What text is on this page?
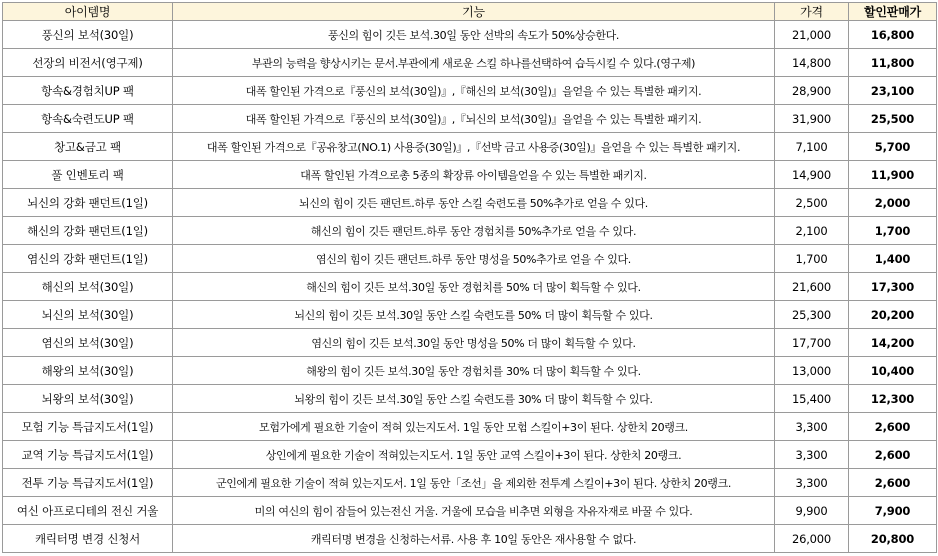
아이템명	기능	가격	할인판매가
풍신의 보석(30일)	풍신의 힘이 깃든 보석.30일 동안 선박의 속도가 50%상승한다.	21,000	16,800
선장의 비전서(영구제)	부관의 능력을 향상시키는 문서.부관에게 새로운 스킬 하나를선택하여 습득시킬 수 있다.(영구제)	14,800	11,800
항속&경험치UP 팩	대폭 할인된 가격으로『풍신의 보석(30일)』,『해신의 보석(30일)』을얻을 수 있는 특별한 패키지.	28,900	23,100
항속&숙련도UP 팩	대폭 할인된 가격으로『풍신의 보석(30일)』,『뇌신의 보석(30일)』을얻을 수 있는 특별한 패키지.	31,900	25,500
창고&금고 팩	대폭 할인된 가격으로『공유창고(NO.1) 사용증(30일)』,『선박 금고 사용증(30일)』을얻을 수 있는 특별한 패키지.	7,100	5,700
풀 인벤토리 팩	대폭 할인된 가격으로총 5종의 확장류 아이템을얻을 수 있는 특별한 패키지.	14,900	11,900
뇌신의 강화 팬던트(1일)	뇌신의 힘이 깃든 팬던트.하루 동안 스킬 숙련도를 50%추가로 얻을 수 있다.	2,500	2,000
해신의 강화 팬던트(1일)	해신의 힘이 깃든 팬던트.하루 동안 경험치를 50%추가로 얻을 수 있다.	2,100	1,700
염신의 강화 팬던트(1일)	염신의 힘이 깃든 팬던트.하루 동안 명성을 50%추가로 얻을 수 있다.	1,700	1,400
해신의 보석(30일)	해신의 힘이 깃든 보석.30일 동안 경험치를 50% 더 많이 획득할 수 있다.	21,600	17,300
뇌신의 보석(30일)	뇌신의 힘이 깃든 보석.30일 동안 스킬 숙련도를 50% 더 많이 획득할 수 있다.	25,300	20,200
염신의 보석(30일)	염신의 힘이 깃든 보석.30일 동안 명성을 50% 더 많이 획득할 수 있다.	17,700	14,200
해왕의 보석(30일)	해왕의 힘이 깃든 보석.30일 동안 경험치를 30% 더 많이 획득할 수 있다.	13,000	10,400
뇌왕의 보석(30일)	뇌왕의 힘이 깃든 보석.30일 동안 스킬 숙련도를 30% 더 많이 획득할 수 있다.	15,400	12,300
모험 기능 특급지도서(1일)	모험가에게 필요한 기술이 적혀 있는지도서. 1일 동안 모험 스킬이+3이 된다. 상한치 20랭크.	3,300	2,600
교역 기능 특급지도서(1일)	상인에게 필요한 기술이 적혀있는지도서. 1일 동안 교역 스킬이+3이 된다. 상한치 20랭크.	3,300	2,600
전투 기능 특급지도서(1일)	군인에게 필요한 기술이 적혀 있는지도서. 1일 동안「조선」을 제외한 전투계 스킬이+3이 된다. 상한치 20랭크.	3,300	2,600
여신 아프로디테의 전신 거울	미의 여신의 힘이 잠들어 있는전신 거울. 거울에 모습을 비추면 외형을 자유자재로 바꿀 수 있다.	9,900	7,900
캐릭터명 변경 신청서	캐릭터명 변경을 신청하는서류. 사용 후 10일 동안은 재사용할 수 없다.	26,000	20,800
